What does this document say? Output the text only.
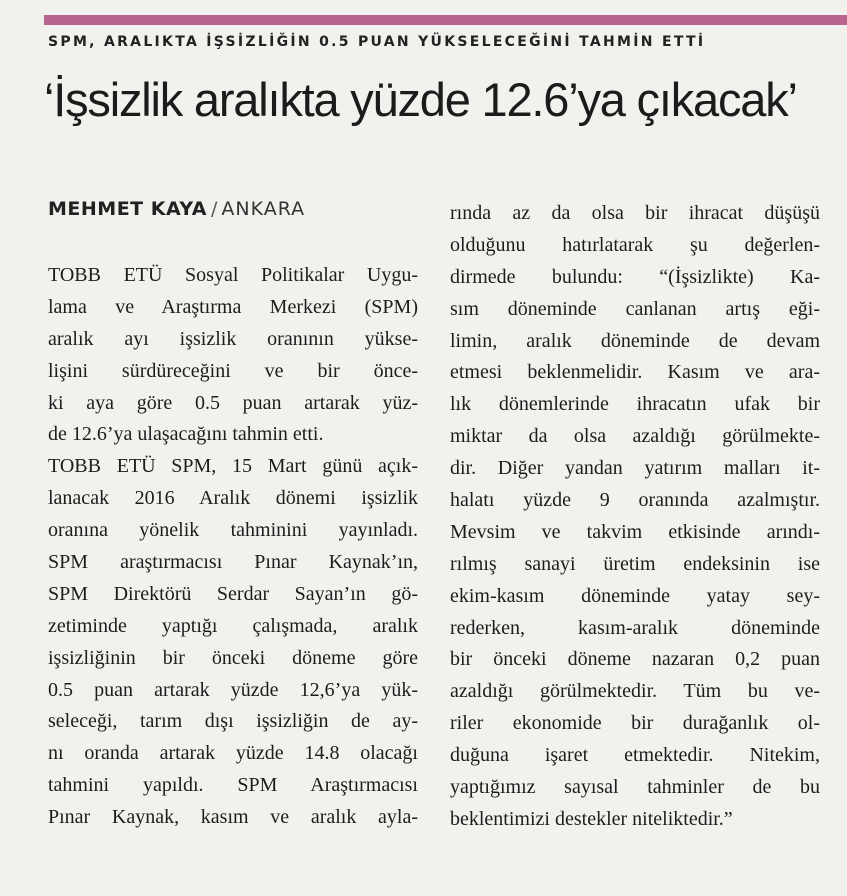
SPM, ARALIKTA İŞSİZLİĞİN 0.5 PUAN YÜKSELECEĞİNİ TAHMİN ETTİ
‘İşsizlik aralıkta yüzde 12.6’ya çıkacak’
MEHMET KAYA / ANKARA
TOBB ETÜ Sosyal Politikalar Uygu-
lama ve Araştırma Merkezi (SPM)
aralık ayı işsizlik oranının yükse-
lişini sürdüreceğini ve bir önce-
ki aya göre 0.5 puan artarak yüz-
de 12.6’ya ulaşacağını tahmin etti.
TOBB ETÜ SPM, 15 Mart günü açık-
lanacak 2016 Aralık dönemi işsizlik
oranına yönelik tahminini yayınladı.
SPM araştırmacısı Pınar Kaynak’ın,
SPM Direktörü Serdar Sayan’ın gö-
zetiminde yaptığı çalışmada, aralık
işsizliğinin bir önceki döneme göre
0.5 puan artarak yüzde 12,6’ya yük-
seleceği, tarım dışı işsizliğin de ay-
nı oranda artarak yüzde 14.8 olacağı
tahmini yapıldı. SPM Araştırmacısı
Pınar Kaynak, kasım ve aralık ayla-
rında az da olsa bir ihracat düşüşü
olduğunu hatırlatarak şu değerlen-
dirmede bulundu: “(İşsizlikte) Ka-
sım döneminde canlanan artış eği-
limin, aralık döneminde de devam
etmesi beklenmelidir. Kasım ve ara-
lık dönemlerinde ihracatın ufak bir
miktar da olsa azaldığı görülmekte-
dir. Diğer yandan yatırım malları it-
halatı yüzde 9 oranında azalmıştır.
Mevsim ve takvim etkisinde arındı-
rılmış sanayi üretim endeksinin ise
ekim-kasım döneminde yatay sey-
rederken, kasım-aralık döneminde
bir önceki döneme nazaran 0,2 puan
azaldığı görülmektedir. Tüm bu ve-
riler ekonomide bir durağanlık ol-
duğuna işaret etmektedir. Nitekim,
yaptığımız sayısal tahminler de bu
beklentimizi destekler niteliktedir.”
